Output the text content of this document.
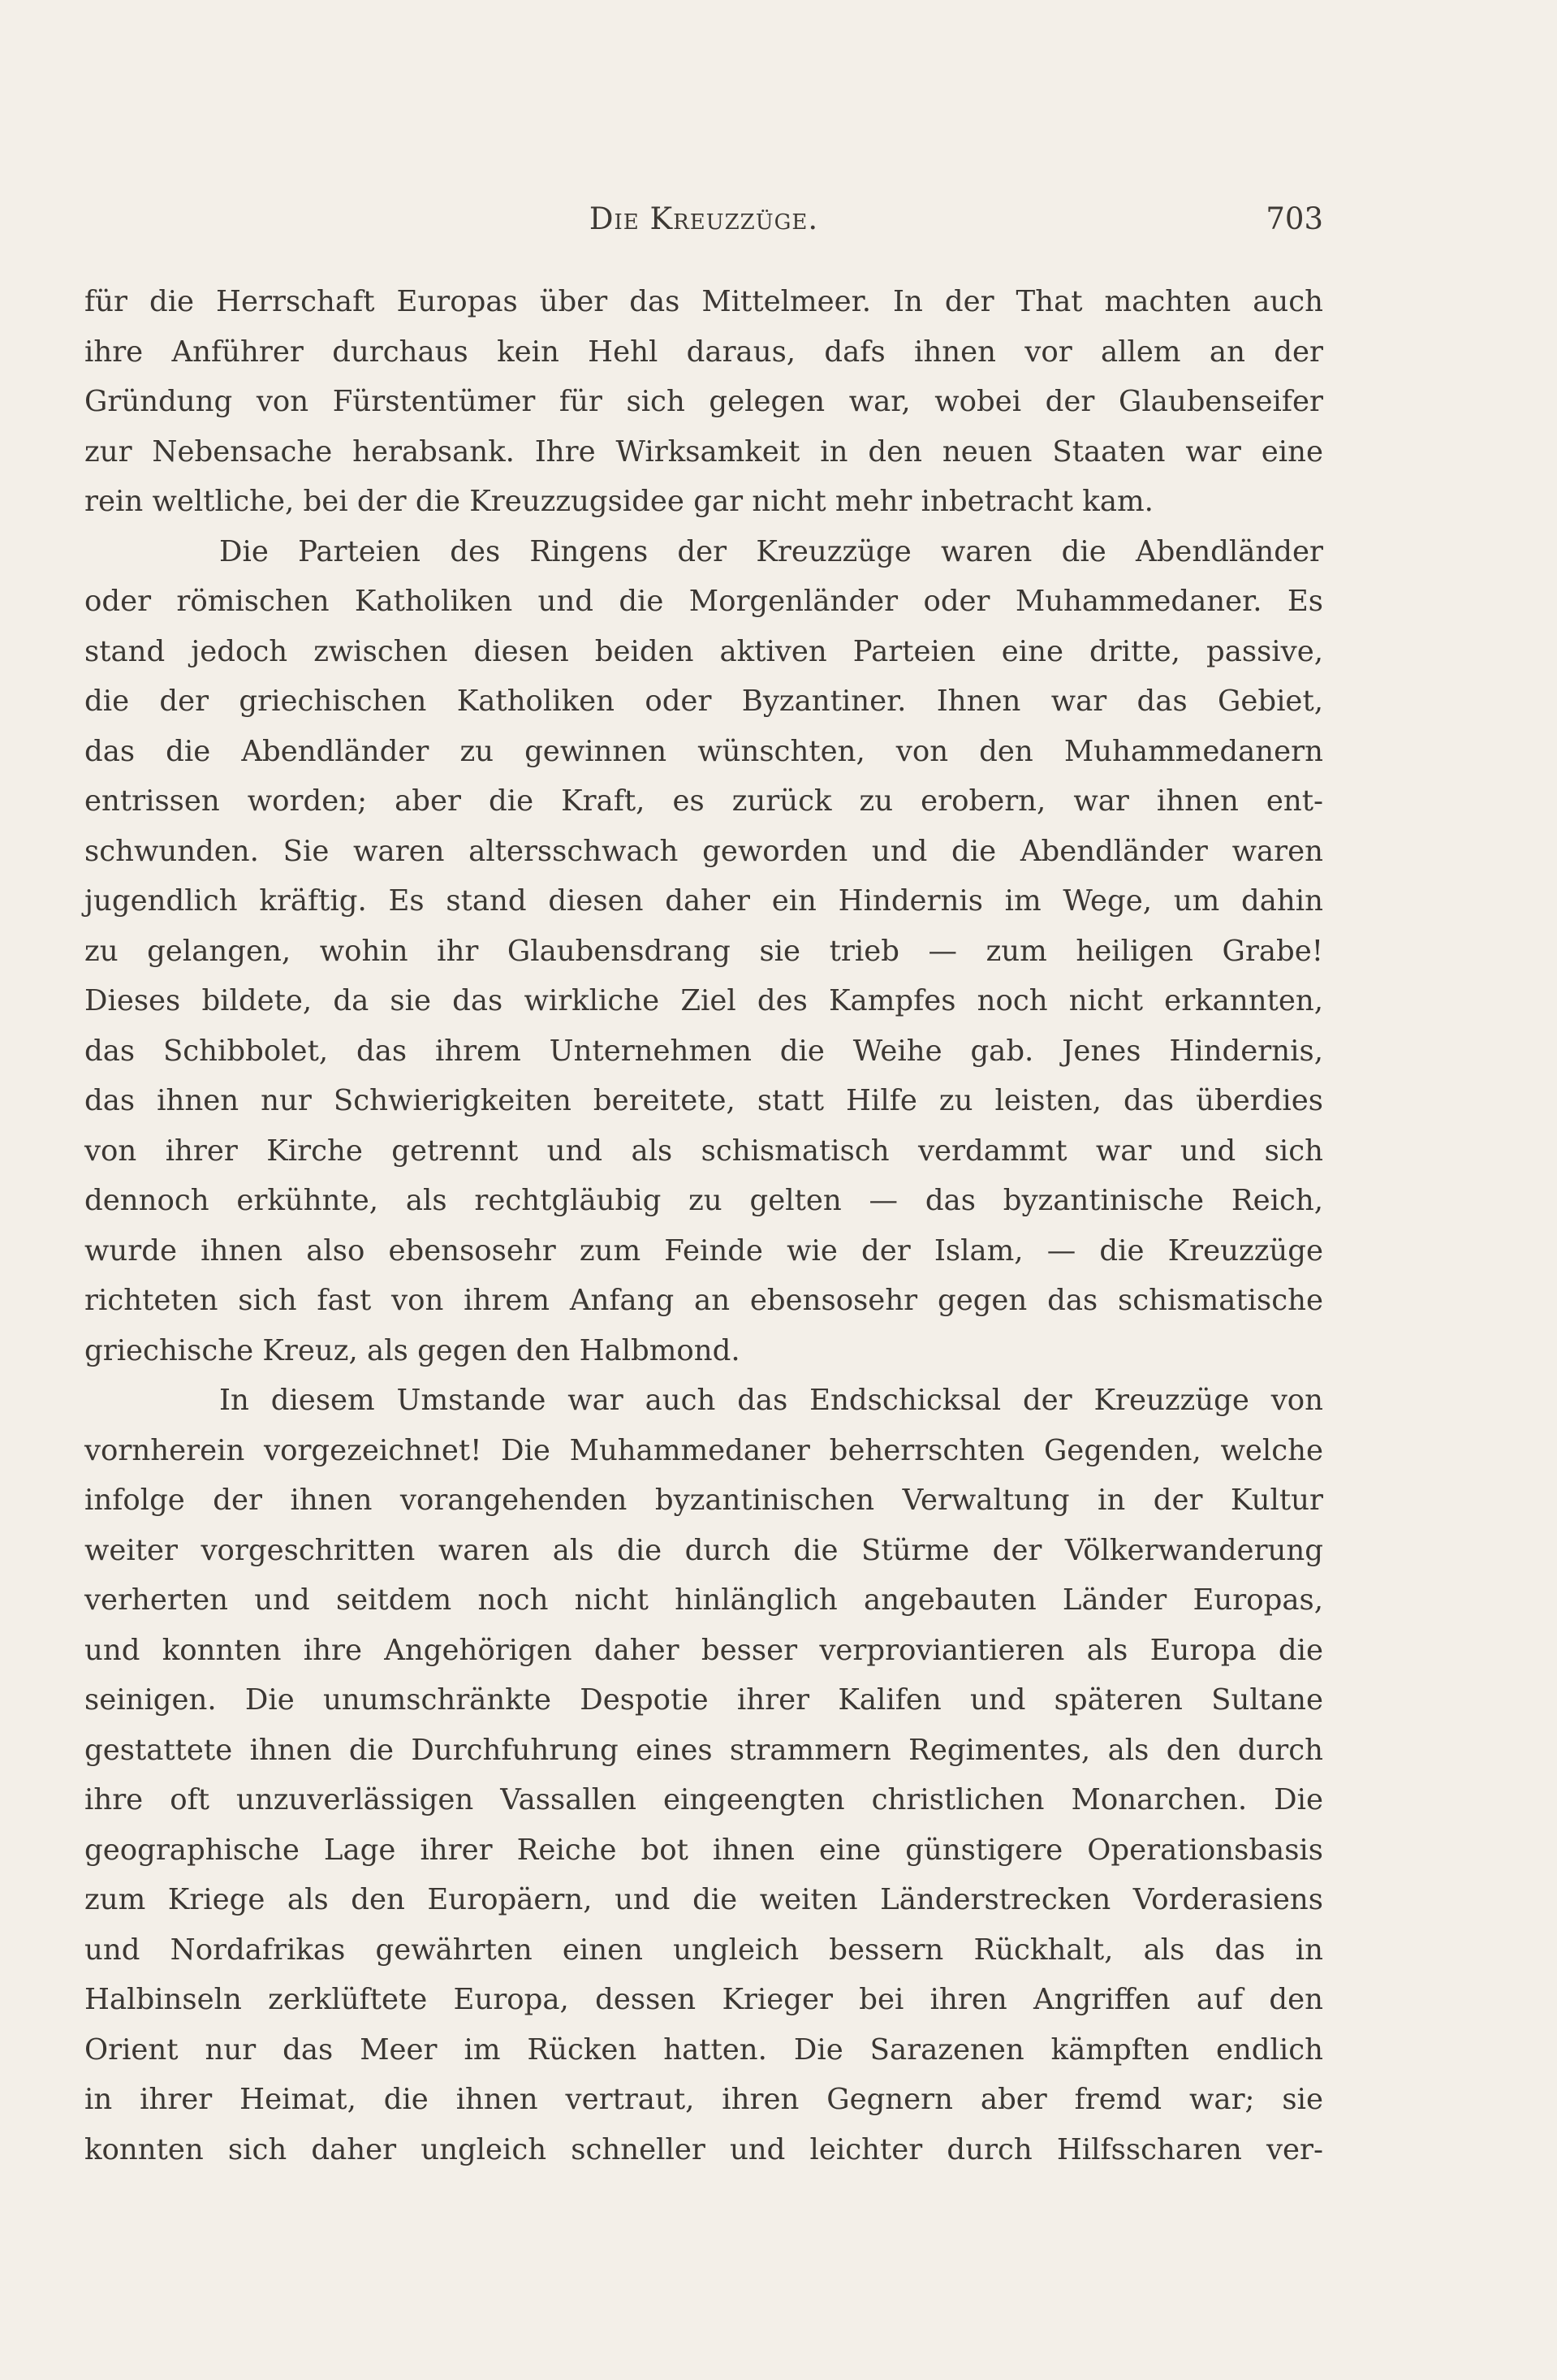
Die Kreuzzüge.	703
für die Herrschaft Europas über das Mittelmeer. In der That machten auch
ihre Anführer durchaus kein Hehl daraus, dafs ihnen vor allem an der
Gründung von Fürstentümer für sich gelegen war, wobei der Glaubenseifer
zur Nebensache herabsank. Ihre Wirksamkeit in den neuen Staaten war eine
rein weltliche, bei der die Kreuzzugsidee gar nicht mehr inbetracht kam.
Die Parteien des Ringens der Kreuzzüge waren die Abendländer
oder römischen Katholiken und die Morgenländer oder Muhammedaner. Es
stand jedoch zwischen diesen beiden aktiven Parteien eine dritte, passive,
die der griechischen Katholiken oder Byzantiner. Ihnen war das Gebiet,
das die Abendländer zu gewinnen wünschten, von den Muhammedanern
entrissen worden; aber die Kraft, es zurück zu erobern, war ihnen ent-
schwunden. Sie waren altersschwach geworden und die Abendländer waren
jugendlich kräftig. Es stand diesen daher ein Hindernis im Wege, um dahin
zu gelangen, wohin ihr Glaubensdrang sie trieb — zum heiligen Grabe!
Dieses bildete, da sie das wirkliche Ziel des Kampfes noch nicht erkannten,
das Schibbolet, das ihrem Unternehmen die Weihe gab. Jenes Hindernis,
das ihnen nur Schwierigkeiten bereitete, statt Hilfe zu leisten, das überdies
von ihrer Kirche getrennt und als schismatisch verdammt war und sich
dennoch erkühnte, als rechtgläubig zu gelten — das byzantinische Reich,
wurde ihnen also ebensosehr zum Feinde wie der Islam, — die Kreuzzüge
richteten sich fast von ihrem Anfang an ebensosehr gegen das schismatische
griechische Kreuz, als gegen den Halbmond.
In diesem Umstande war auch das Endschicksal der Kreuzzüge von
vornherein vorgezeichnet! Die Muhammedaner beherrschten Gegenden, welche
infolge der ihnen vorangehenden byzantinischen Verwaltung in der Kultur
weiter vorgeschritten waren als die durch die Stürme der Völkerwanderung
verherten und seitdem noch nicht hinlänglich angebauten Länder Europas,
und konnten ihre Angehörigen daher besser verproviantieren als Europa die
seinigen. Die unumschränkte Despotie ihrer Kalifen und späteren Sultane
gestattete ihnen die Durchfuhrung eines strammern Regimentes, als den durch
ihre oft unzuverlässigen Vassallen eingeengten christlichen Monarchen. Die
geographische Lage ihrer Reiche bot ihnen eine günstigere Operationsbasis
zum Kriege als den Europäern, und die weiten Länderstrecken Vorderasiens
und Nordafrikas gewährten einen ungleich bessern Rückhalt, als das in
Halbinseln zerklüftete Europa, dessen Krieger bei ihren Angriffen auf den
Orient nur das Meer im Rücken hatten. Die Sarazenen kämpften endlich
in ihrer Heimat, die ihnen vertraut, ihren Gegnern aber fremd war; sie
konnten sich daher ungleich schneller und leichter durch Hilfsscharen ver-
